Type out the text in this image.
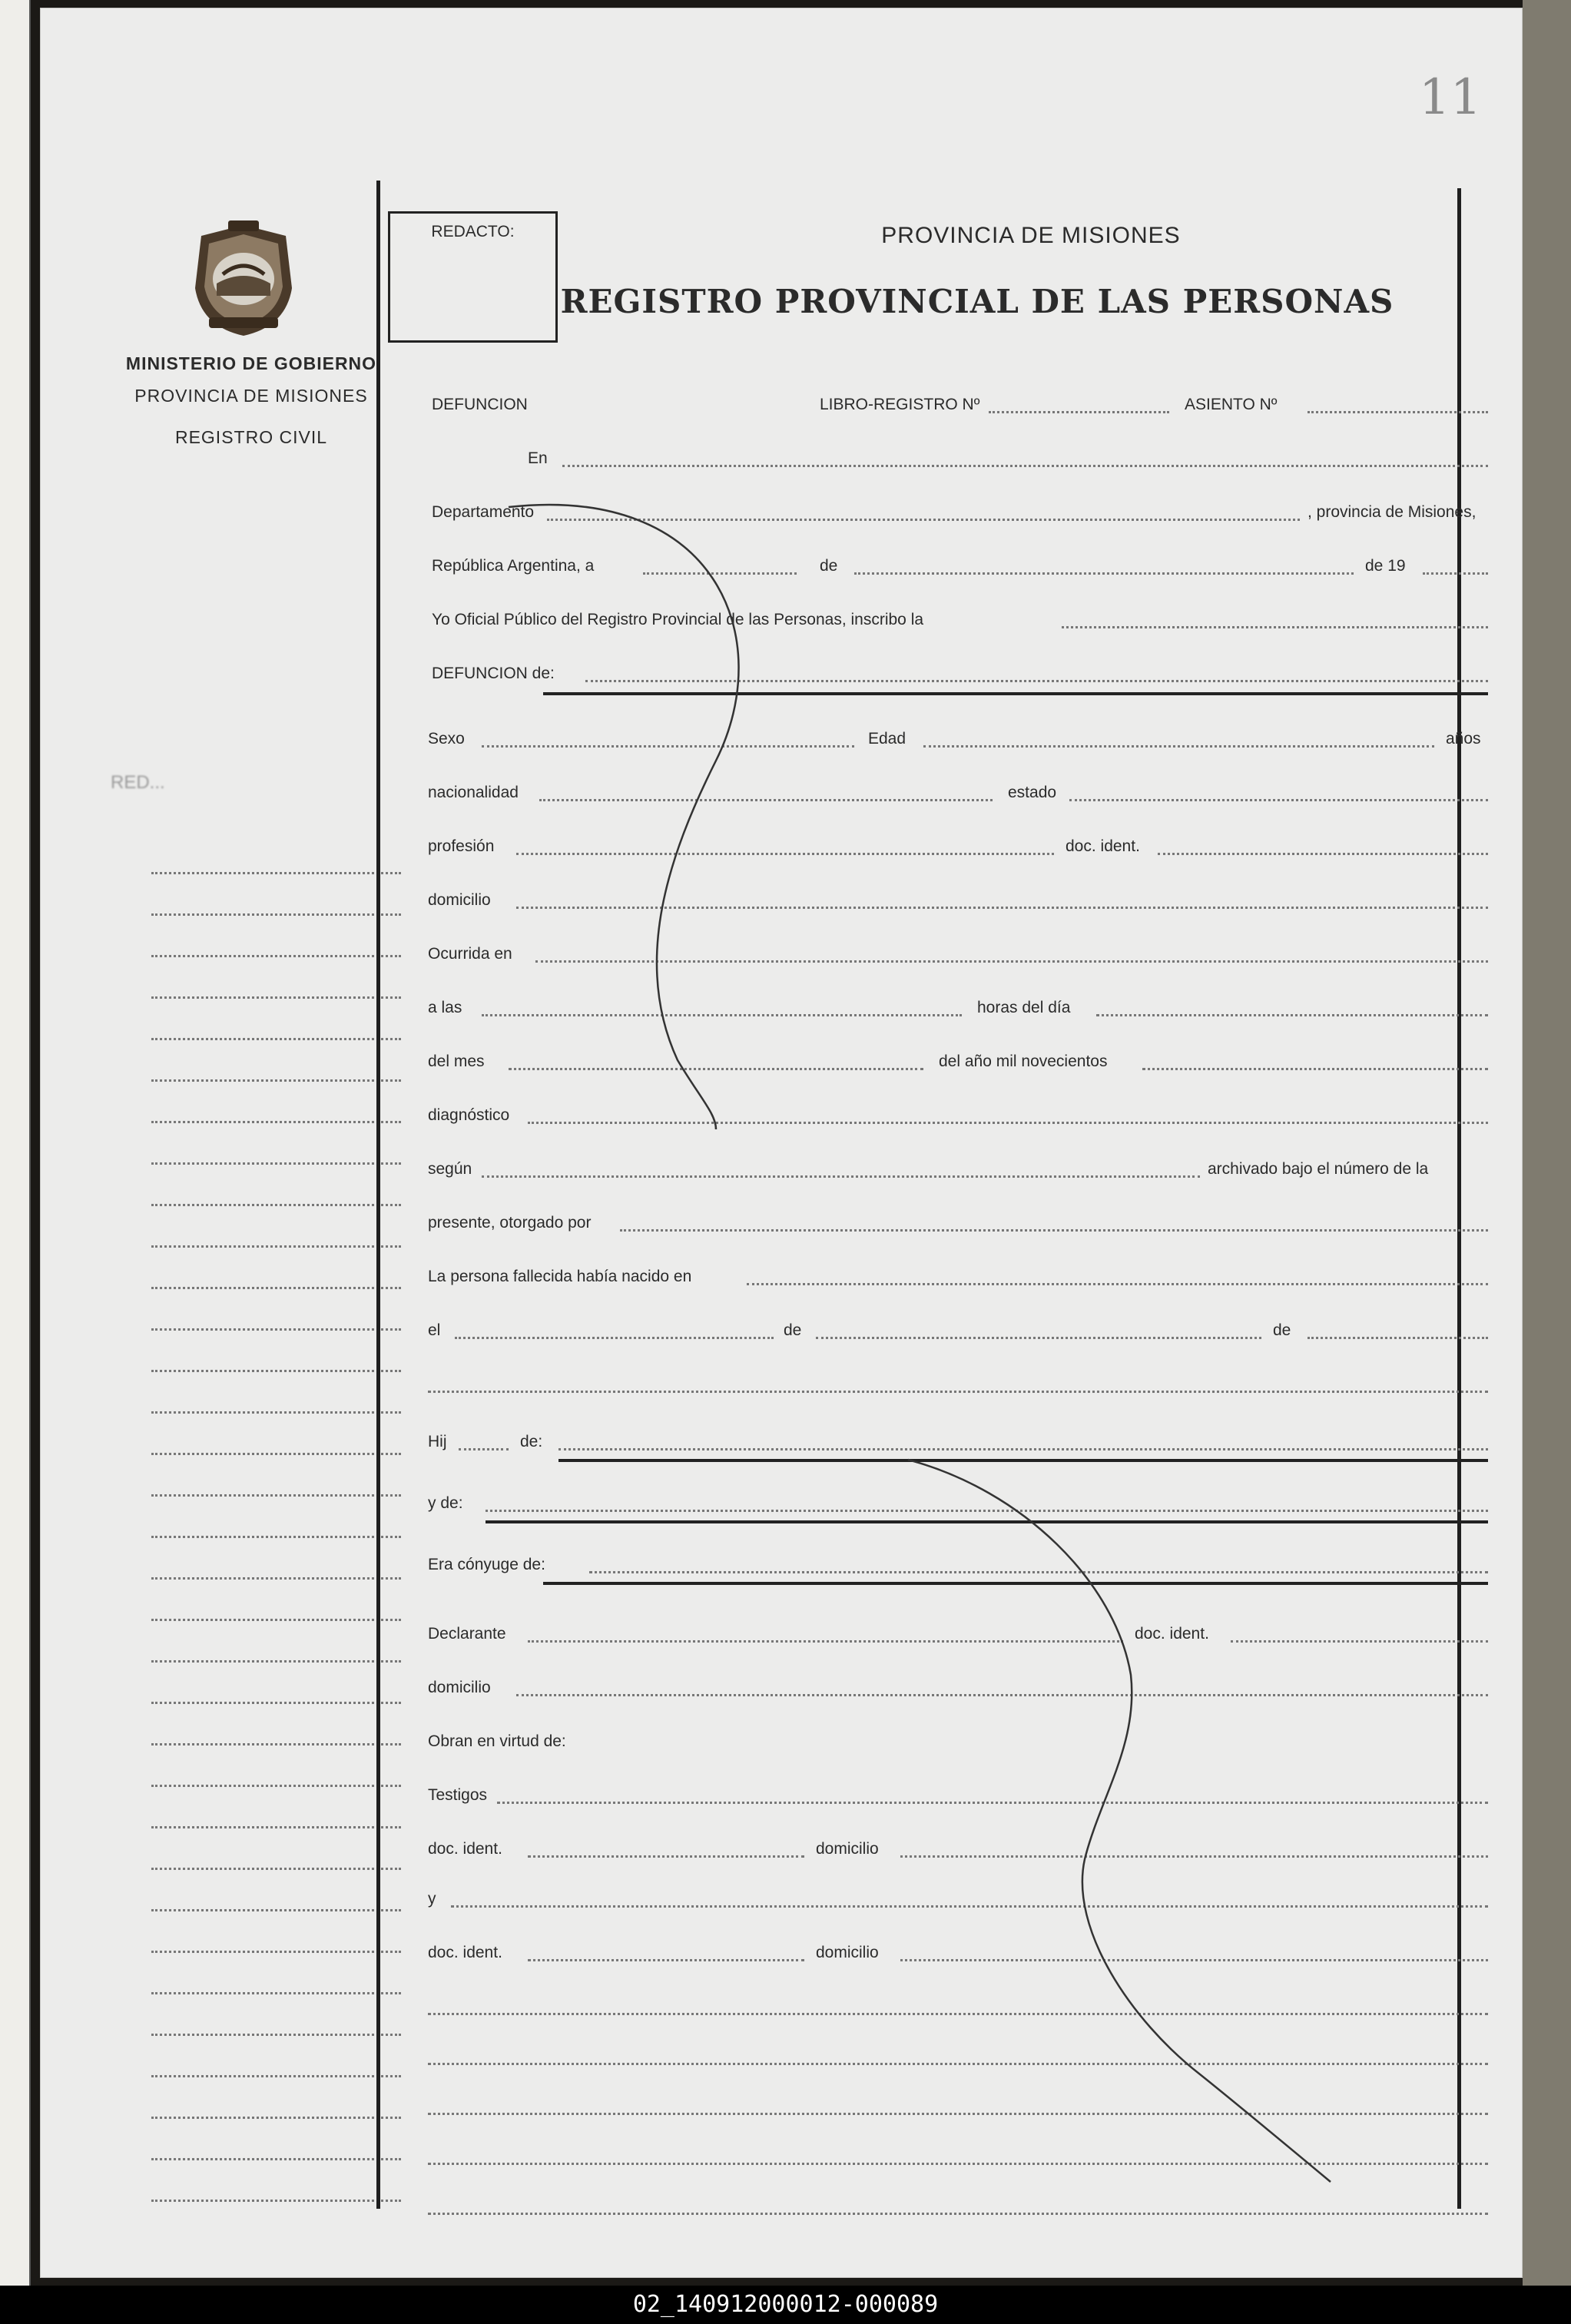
11
MINISTERIO DE GOBIERNO
PROVINCIA DE MISIONES
REGISTRO CIVIL
RED...
REDACTO:	PROVINCIA DE MISIONES
REGISTRO PROVINCIAL DE LAS PERSONAS
DEFUNCION	LIBRO-REGISTRO Nº	ASIENTO Nº
En
Departamento	, provincia de Misiones,
República Argentina, a	de	de 19
Yo Oficial Público del Registro Provincial de las Personas, inscribo la
DEFUNCION de:
Sexo	Edad	años
nacionalidad	estado
profesión	doc. ident.
domicilio
Ocurrida en
a las	horas del día
del mes	del año mil novecientos
diagnóstico
según	archivado bajo el número de la
presente, otorgado por
La persona fallecida había nacido en
el	de	de
Hij	de:
y de:
Era cónyuge de:
Declarante	doc. ident.
domicilio
Obran en virtud de:
Testigos
doc. ident.	domicilio
y
doc. ident.	domicilio
02_140912000012-000089
